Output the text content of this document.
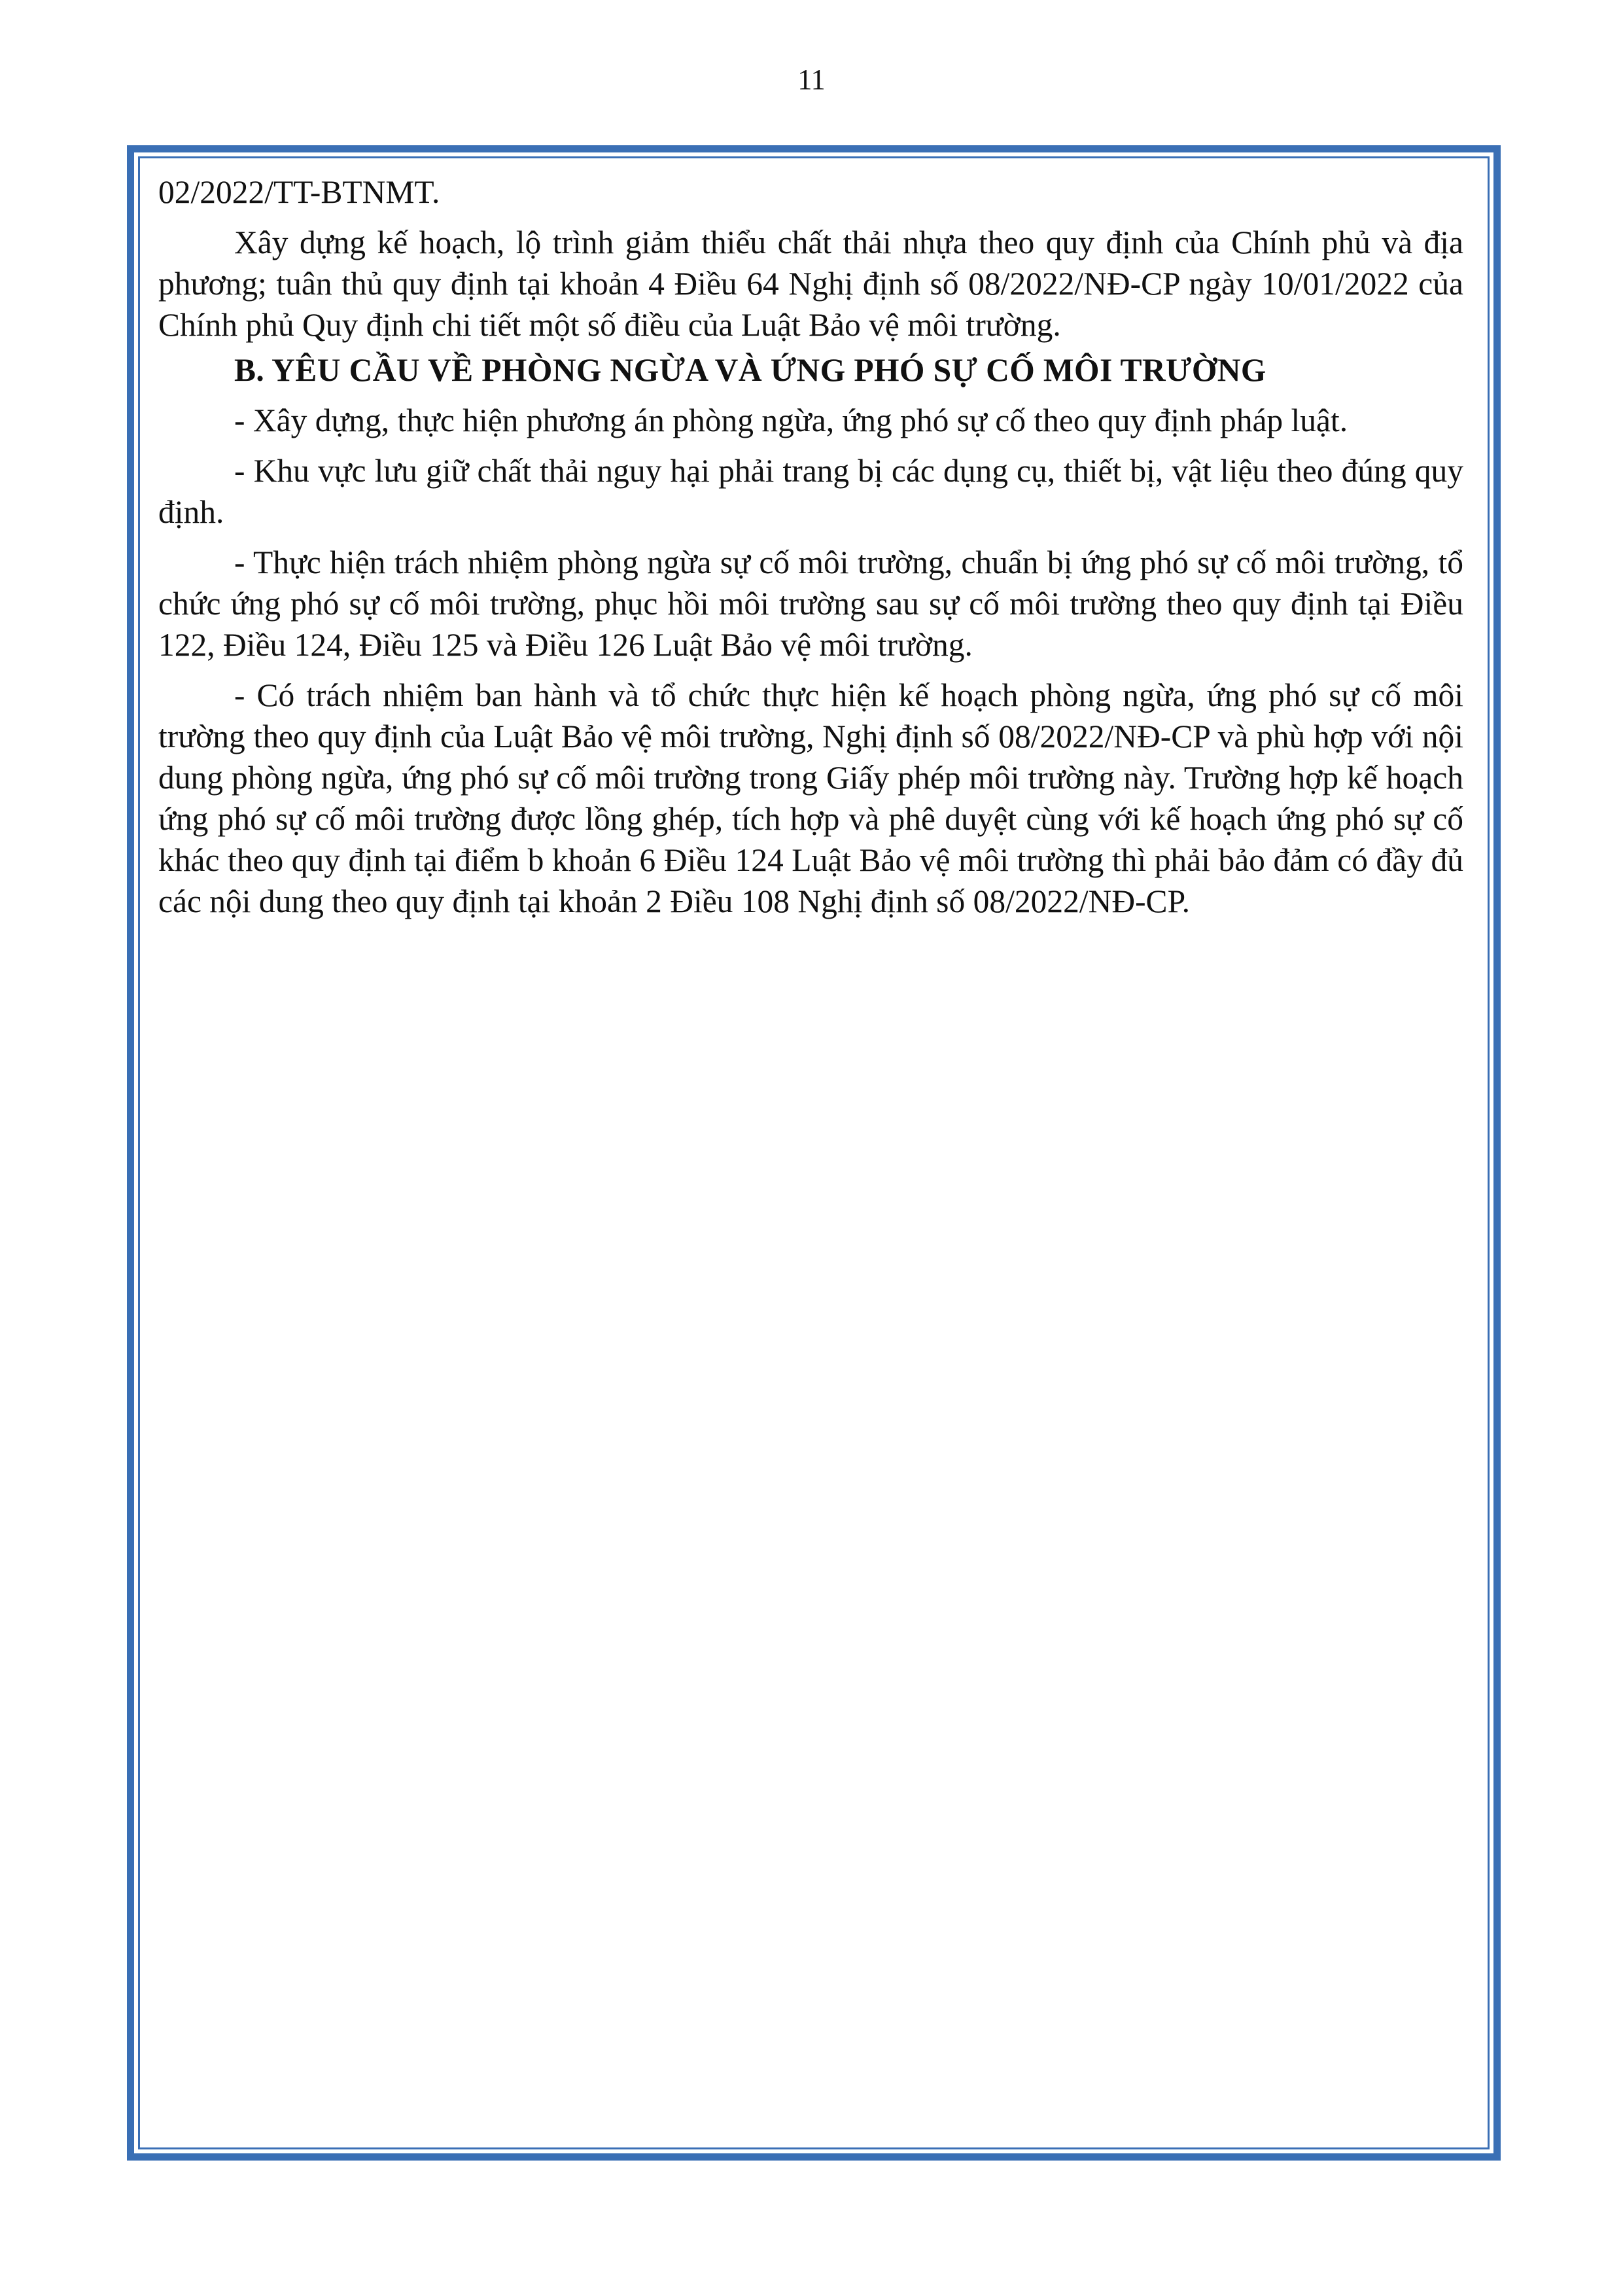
11

02/2022/TT-BTNMT.

Xây dựng kế hoạch, lộ trình giảm thiểu chất thải nhựa theo quy định của Chính phủ và địa phương; tuân thủ quy định tại khoản 4 Điều 64 Nghị định số 08/2022/NĐ-CP ngày 10/01/2022 của Chính phủ Quy định chi tiết một số điều của Luật Bảo vệ môi trường.

B. YÊU CẦU VỀ PHÒNG NGỪA VÀ ỨNG PHÓ SỰ CỐ MÔI TRƯỜNG

- Xây dựng, thực hiện phương án phòng ngừa, ứng phó sự cố theo quy định pháp luật.

- Khu vực lưu giữ chất thải nguy hại phải trang bị các dụng cụ, thiết bị, vật liệu theo đúng quy định.

- Thực hiện trách nhiệm phòng ngừa sự cố môi trường, chuẩn bị ứng phó sự cố môi trường, tổ chức ứng phó sự cố môi trường, phục hồi môi trường sau sự cố môi trường theo quy định tại Điều 122, Điều 124, Điều 125 và Điều 126 Luật Bảo vệ môi trường.

- Có trách nhiệm ban hành và tổ chức thực hiện kế hoạch phòng ngừa, ứng phó sự cố môi trường theo quy định của Luật Bảo vệ môi trường, Nghị định số 08/2022/NĐ-CP và phù hợp với nội dung phòng ngừa, ứng phó sự cố môi trường trong Giấy phép môi trường này. Trường hợp kế hoạch ứng phó sự cố môi trường được lồng ghép, tích hợp và phê duyệt cùng với kế hoạch ứng phó sự cố khác theo quy định tại điểm b khoản 6 Điều 124 Luật Bảo vệ môi trường thì phải bảo đảm có đầy đủ các nội dung theo quy định tại khoản 2 Điều 108 Nghị định số 08/2022/NĐ-CP.
